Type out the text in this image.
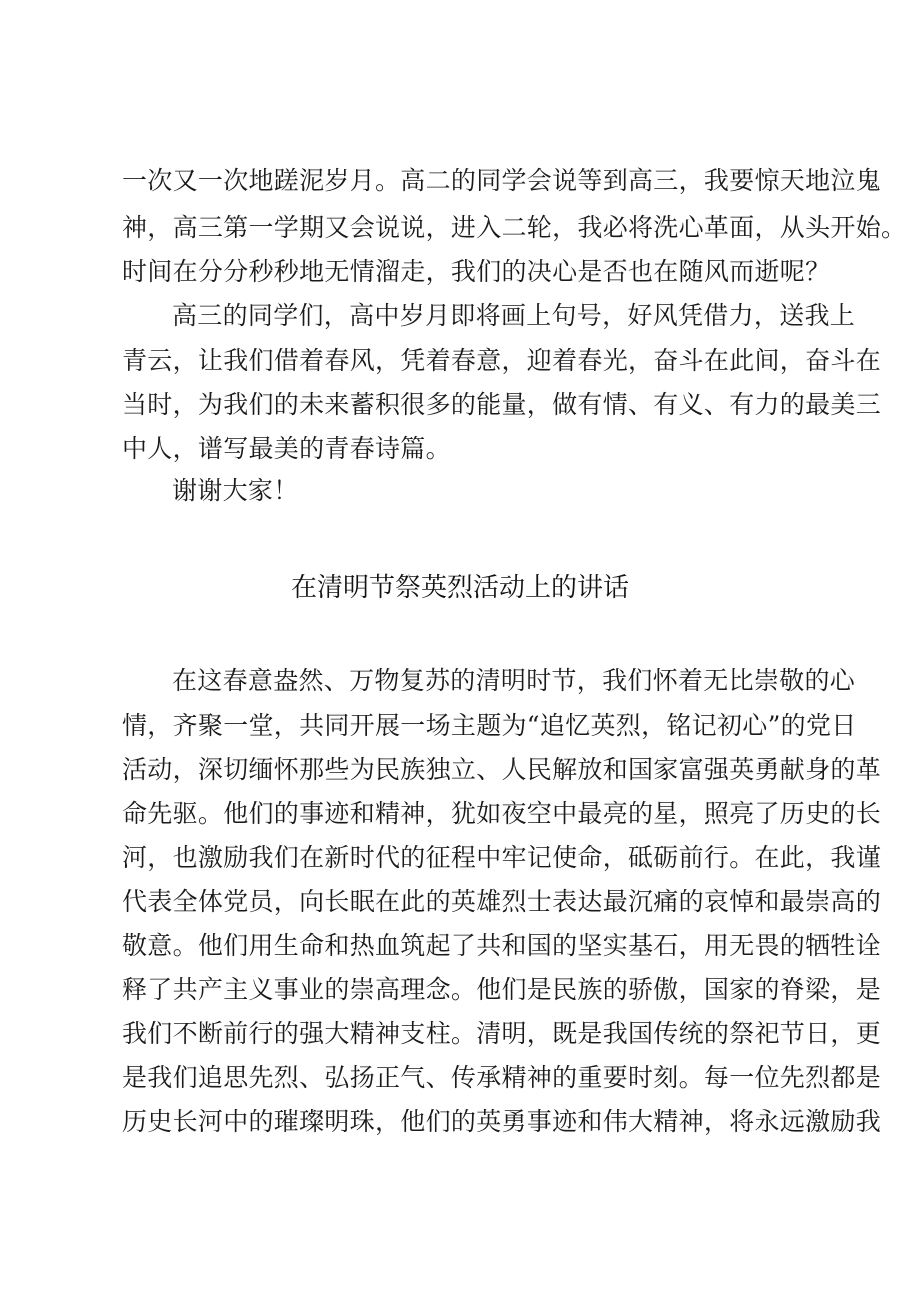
一次又一次地蹉泥岁月。高二的同学会说等到高三，我要惊天地泣鬼
神，高三第一学期又会说说，进入二轮，我必将洗心革面，从头开始。
时间在分分秒秒地无情溜走，我们的决心是否也在随风而逝呢？
高三的同学们，高中岁月即将画上句号，好风凭借力，送我上
青云，让我们借着春风，凭着春意，迎着春光，奋斗在此间，奋斗在
当时，为我们的未来蓄积很多的能量，做有情、有义、有力的最美三
中人，谱写最美的青春诗篇。
谢谢大家！
在清明节祭英烈活动上的讲话
在这春意盎然、万物复苏的清明时节，我们怀着无比崇敬的心
情，齐聚一堂，共同开展一场主题为“追忆英烈，铭记初心”的党日
活动，深切缅怀那些为民族独立、人民解放和国家富强英勇献身的革
命先驱。他们的事迹和精神，犹如夜空中最亮的星，照亮了历史的长
河，也激励我们在新时代的征程中牢记使命，砥砺前行。在此，我谨
代表全体党员，向长眠在此的英雄烈士表达最沉痛的哀悼和最崇高的
敬意。他们用生命和热血筑起了共和国的坚实基石，用无畏的牺牲诠
释了共产主义事业的崇高理念。他们是民族的骄傲，国家的脊梁，是
我们不断前行的强大精神支柱。清明，既是我国传统的祭祀节日，更
是我们追思先烈、弘扬正气、传承精神的重要时刻。每一位先烈都是
历史长河中的璀璨明珠，他们的英勇事迹和伟大精神，将永远激励我
